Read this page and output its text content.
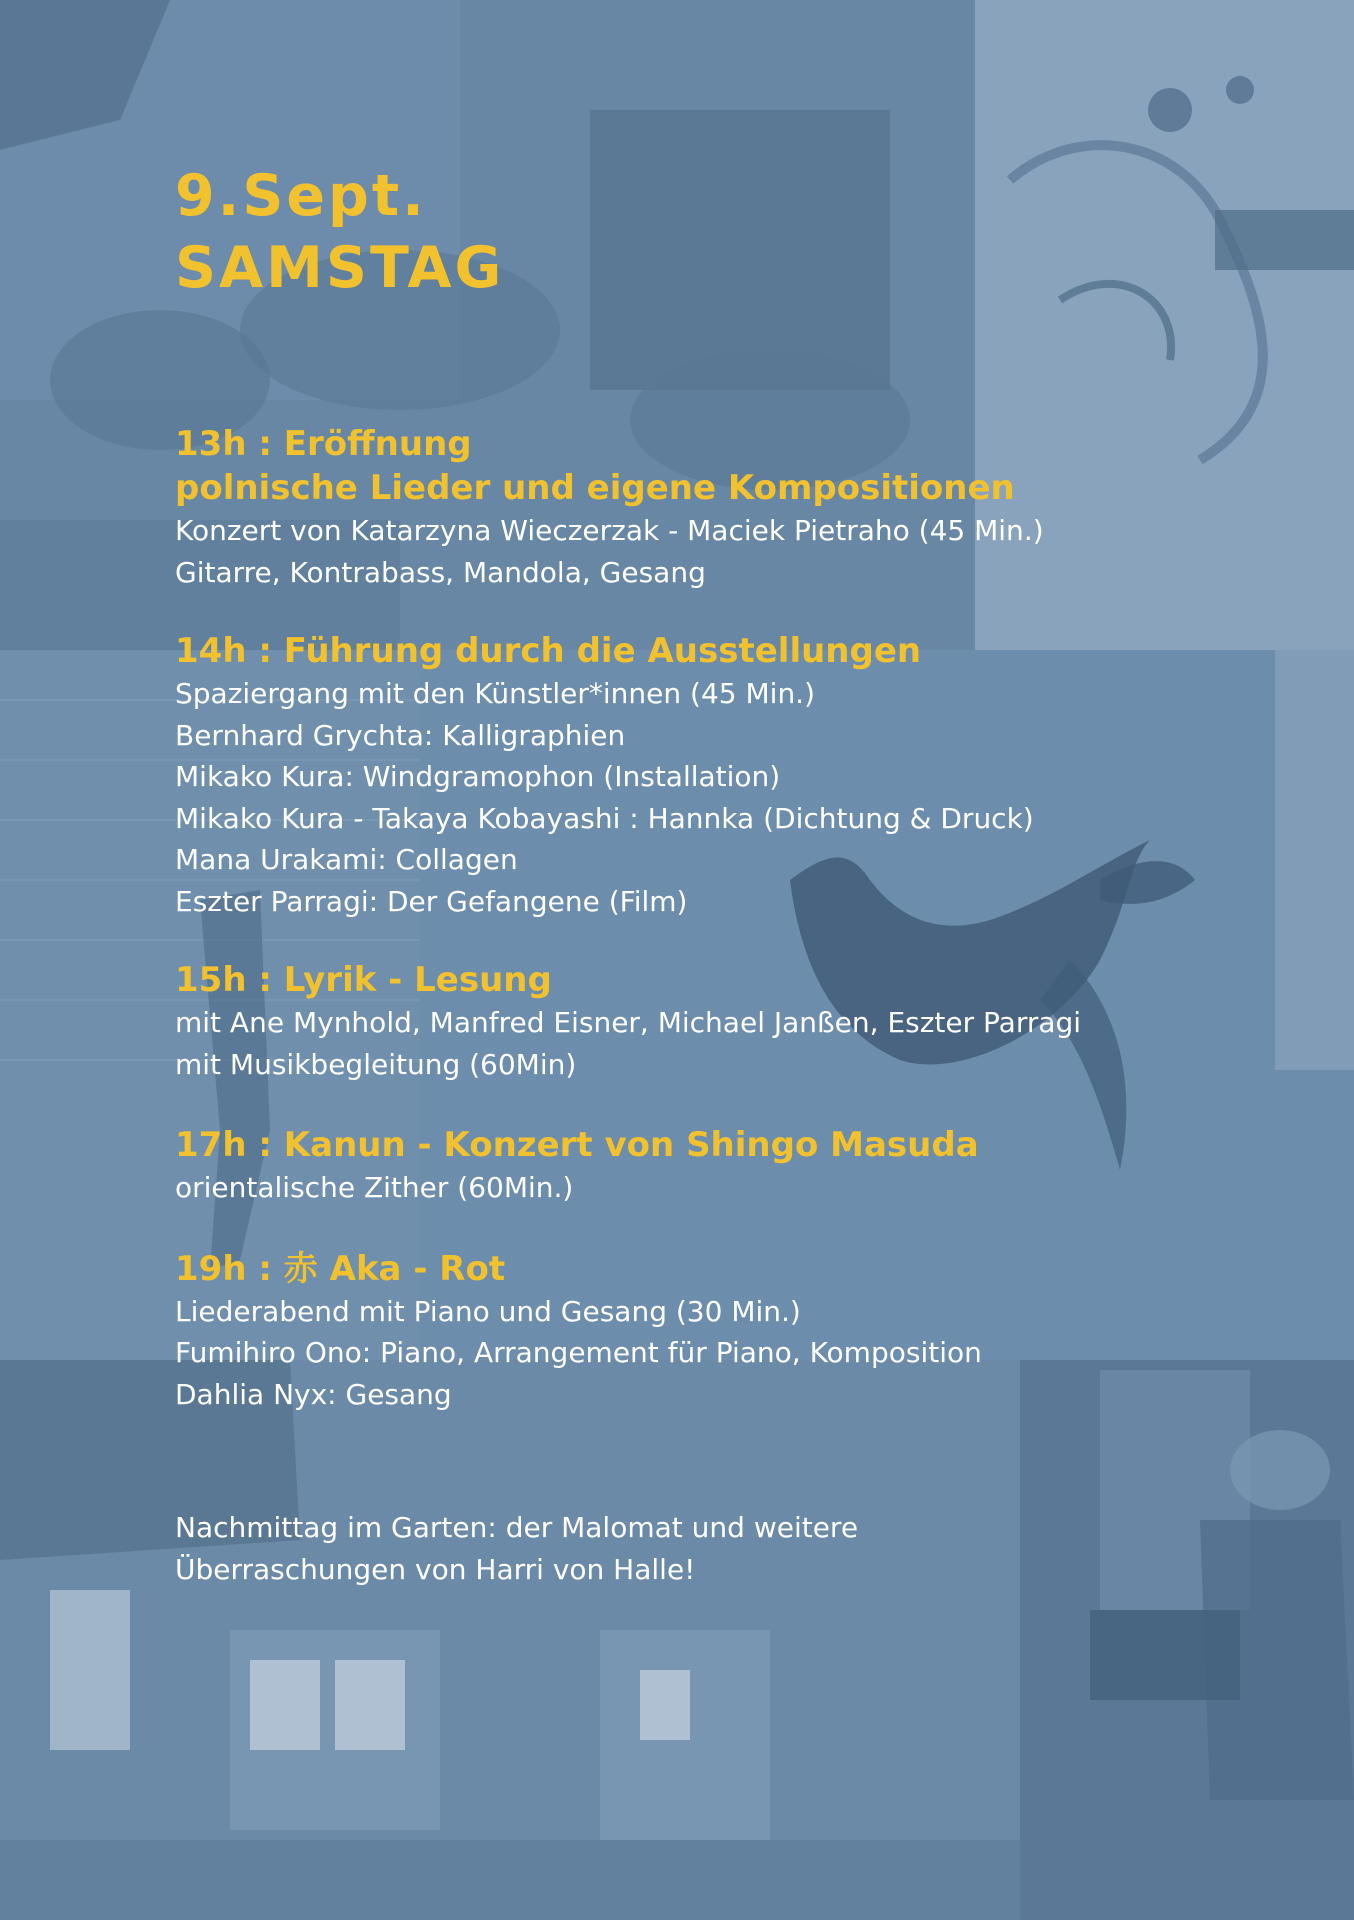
9.Sept.

SAMSTAG

13h : Eröffnung

polnische Lieder und eigene Kompositionen

Konzert von Katarzyna Wieczerzak - Maciek Pietraho (45 Min.)

Gitarre, Kontrabass, Mandola, Gesang

14h : Führung durch die Ausstellungen

Spaziergang mit den Künstler*innen (45 Min.)

Bernhard Grychta: Kalligraphien

Mikako Kura: Windgramophon (Installation)

Mikako Kura - Takaya Kobayashi : Hannka (Dichtung & Druck)

Mana Urakami: Collagen

Eszter Parragi: Der Gefangene (Film)

15h : Lyrik - Lesung

mit Ane Mynhold, Manfred Eisner, Michael Janßen, Eszter Parragi

mit Musikbegleitung (60Min)

17h : Kanun - Konzert von Shingo Masuda

orientalische Zither (60Min.)

19h : 赤 Aka - Rot

Liederabend mit Piano und Gesang (30 Min.)

Fumihiro Ono: Piano, Arrangement für Piano, Komposition

Dahlia Nyx: Gesang

Nachmittag im Garten: der Malomat und weitere

Überraschungen von Harri von Halle!
